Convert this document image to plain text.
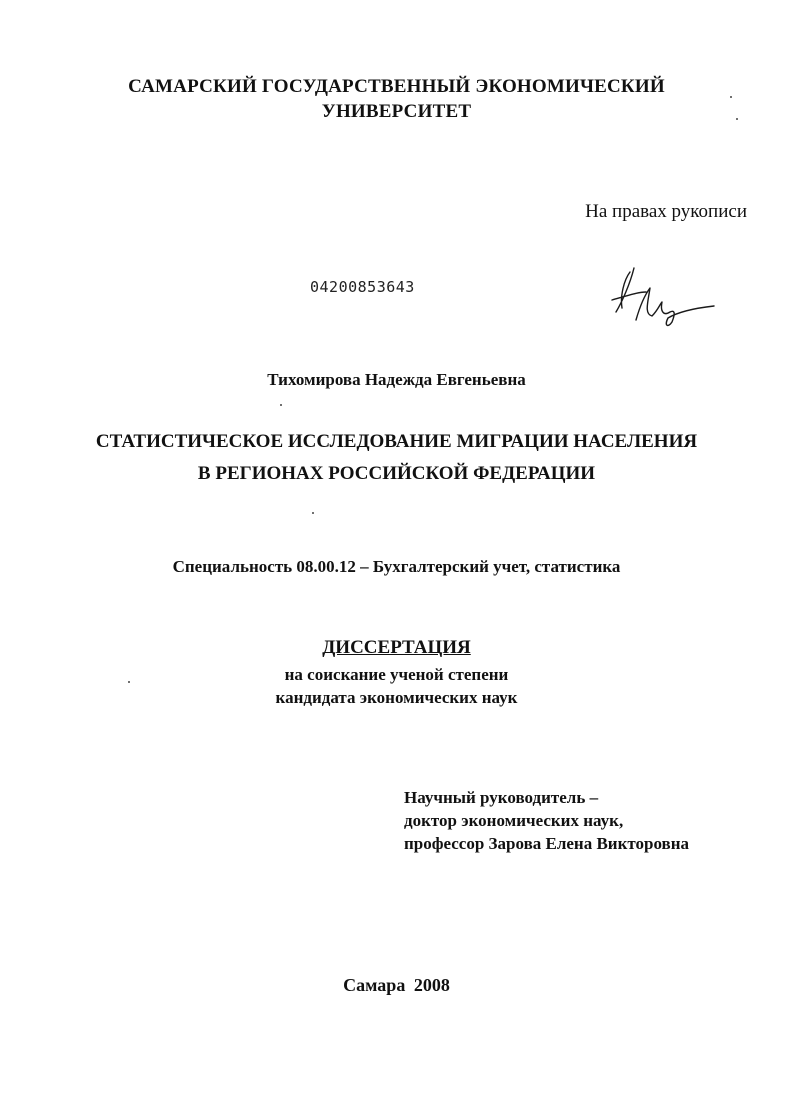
САМАРСКИЙ ГОСУДАРСТВЕННЫЙ ЭКОНОМИЧЕСКИЙ
УНИВЕРСИТЕТ
На правах рукописи
04200853643
Тихомирова Надежда Евгеньевна
СТАТИСТИЧЕСКОЕ ИССЛЕДОВАНИЕ МИГРАЦИИ НАСЕЛЕНИЯ
В РЕГИОНАХ РОССИЙСКОЙ ФЕДЕРАЦИИ
Специальность 08.00.12 – Бухгалтерский учет, статистика
ДИССЕРТАЦИЯ
на соискание ученой степени
кандидата экономических наук
Научный руководитель –
доктор экономических наук,
профессор Зарова Елена Викторовна
Самара 2008
